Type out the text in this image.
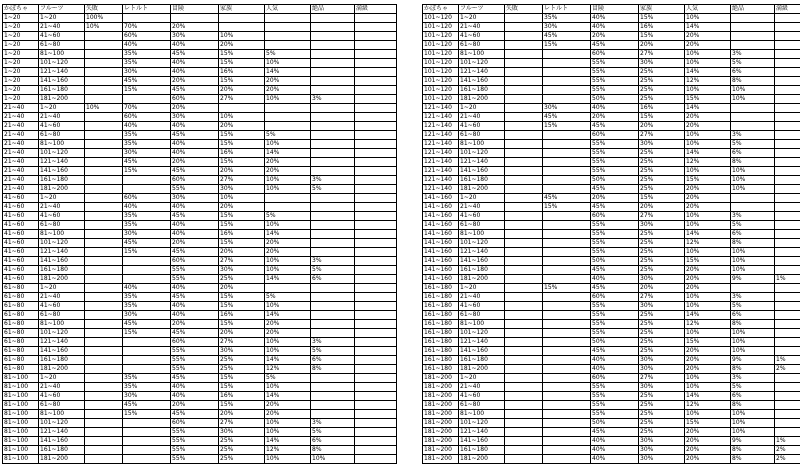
かぼちゃ	フルーツ	失敗	レトルト	冒険	家族	人気	絶品	満級
1~20	1~20	100%						
1~20	21~40	10%	70%	20%				
1~20	41~60		60%	30%	10%			
1~20	61~80		40%	40%	20%			
1~20	81~100		35%	45%	15%	5%		
1~20	101~120		35%	40%	15%	10%		
1~20	121~140		30%	40%	16%	14%		
1~20	141~160		45%	20%	15%	20%		
1~20	161~180		15%	45%	20%	20%		
1~20	181~200			60%	27%	10%	3%	
21~40	1~20	10%	70%	20%				
21~40	21~40		60%	30%	10%			
21~40	41~60		40%	40%	20%			
21~40	61~80		35%	45%	15%	5%		
21~40	81~100		35%	40%	15%	10%		
21~40	101~120		30%	40%	16%	14%		
21~40	121~140		45%	20%	15%	20%		
21~40	141~160		15%	45%	20%	20%		
21~40	161~180			60%	27%	10%	3%	
21~40	181~200			55%	30%	10%	5%	
41~60	1~20		60%	30%	10%			
41~60	21~40		40%	40%	20%			
41~60	41~60		35%	45%	15%	5%		
41~60	61~80		35%	40%	15%	10%		
41~60	81~100		30%	40%	16%	14%		
41~60	101~120		45%	20%	15%	20%		
41~60	121~140		15%	45%	20%	20%		
41~60	141~160			60%	27%	10%	3%	
41~60	161~180			55%	30%	10%	5%	
41~60	181~200			55%	25%	14%	6%	
61~80	1~20		40%	40%	20%			
61~80	21~40		35%	45%	15%	5%		
61~80	41~60		35%	40%	15%	10%		
61~80	61~80		30%	40%	16%	14%		
61~80	81~100		45%	20%	15%	20%		
61~80	101~120		15%	45%	20%	20%		
61~80	121~140			60%	27%	10%	3%	
61~80	141~160			55%	30%	10%	5%	
61~80	161~180			55%	25%	14%	6%	
61~80	181~200			55%	25%	12%	8%	
81~100	1~20		35%	45%	15%	5%		
81~100	21~40		35%	40%	15%	10%		
81~100	41~60		30%	40%	16%	14%		
81~100	61~80		45%	20%	15%	20%		
81~100	81~100		15%	45%	20%	20%		
81~100	101~120			60%	27%	10%	3%	
81~100	121~140			55%	30%	10%	5%	
81~100	141~160			55%	25%	14%	6%	
81~100	161~180			55%	25%	12%	8%	
81~100	181~200			55%	25%	10%	10%	
かぼちゃ	フルーツ	失敗	レトルト	冒険	家族	人気	絶品	満級
101~120	1~20		35%	40%	15%	10%		
101~120	21~40		30%	40%	16%	14%		
101~120	41~60		45%	20%	15%	20%		
101~120	61~80		15%	45%	20%	20%		
101~120	81~100			60%	27%	10%	3%	
101~120	101~120			55%	30%	10%	5%	
101~120	121~140			55%	25%	14%	6%	
101~120	141~160			55%	25%	12%	8%	
101~120	161~180			55%	25%	10%	10%	
101~120	181~200			50%	25%	15%	10%	
121~140	1~20		30%	40%	16%	14%		
121~140	21~40		45%	20%	15%	20%		
121~140	41~60		15%	45%	20%	20%		
121~140	61~80			60%	27%	10%	3%	
121~140	81~100			55%	30%	10%	5%	
121~140	101~120			55%	25%	14%	6%	
121~140	121~140			55%	25%	12%	8%	
121~140	141~160			55%	25%	10%	10%	
121~140	161~180			50%	25%	15%	10%	
121~140	181~200			45%	25%	20%	10%	
141~160	1~20		45%	20%	15%	20%		
141~160	21~40		15%	45%	20%	20%		
141~160	41~60			60%	27%	10%	3%	
141~160	61~80			55%	30%	10%	5%	
141~160	81~100			55%	25%	14%	6%	
141~160	101~120			55%	25%	12%	8%	
141~160	121~140			55%	25%	10%	10%	
141~160	141~160			50%	25%	15%	10%	
141~160	161~180			45%	25%	20%	10%	
141~160	181~200			40%	30%	20%	9%	1%
161~180	1~20		15%	45%	20%	20%		
161~180	21~40			60%	27%	10%	3%	
161~180	41~60			55%	30%	10%	5%	
161~180	61~80			55%	25%	14%	6%	
161~180	81~100			55%	25%	12%	8%	
161~180	101~120			55%	25%	10%	10%	
161~180	121~140			50%	25%	15%	10%	
161~180	141~160			45%	25%	20%	10%	
161~180	161~180			40%	30%	20%	9%	1%
161~180	181~200			40%	30%	20%	8%	2%
181~200	1~20			60%	27%	10%	3%	
181~200	21~40			55%	30%	10%	5%	
181~200	41~60			55%	25%	14%	6%	
181~200	61~80			55%	25%	12%	8%	
181~200	81~100			55%	25%	10%	10%	
181~200	101~120			50%	25%	15%	10%	
181~200	121~140			45%	25%	20%	10%	
181~200	141~160			40%	30%	20%	9%	1%
181~200	161~180			40%	30%	20%	8%	2%
181~200	181~200			40%	30%	20%	8%	2%
